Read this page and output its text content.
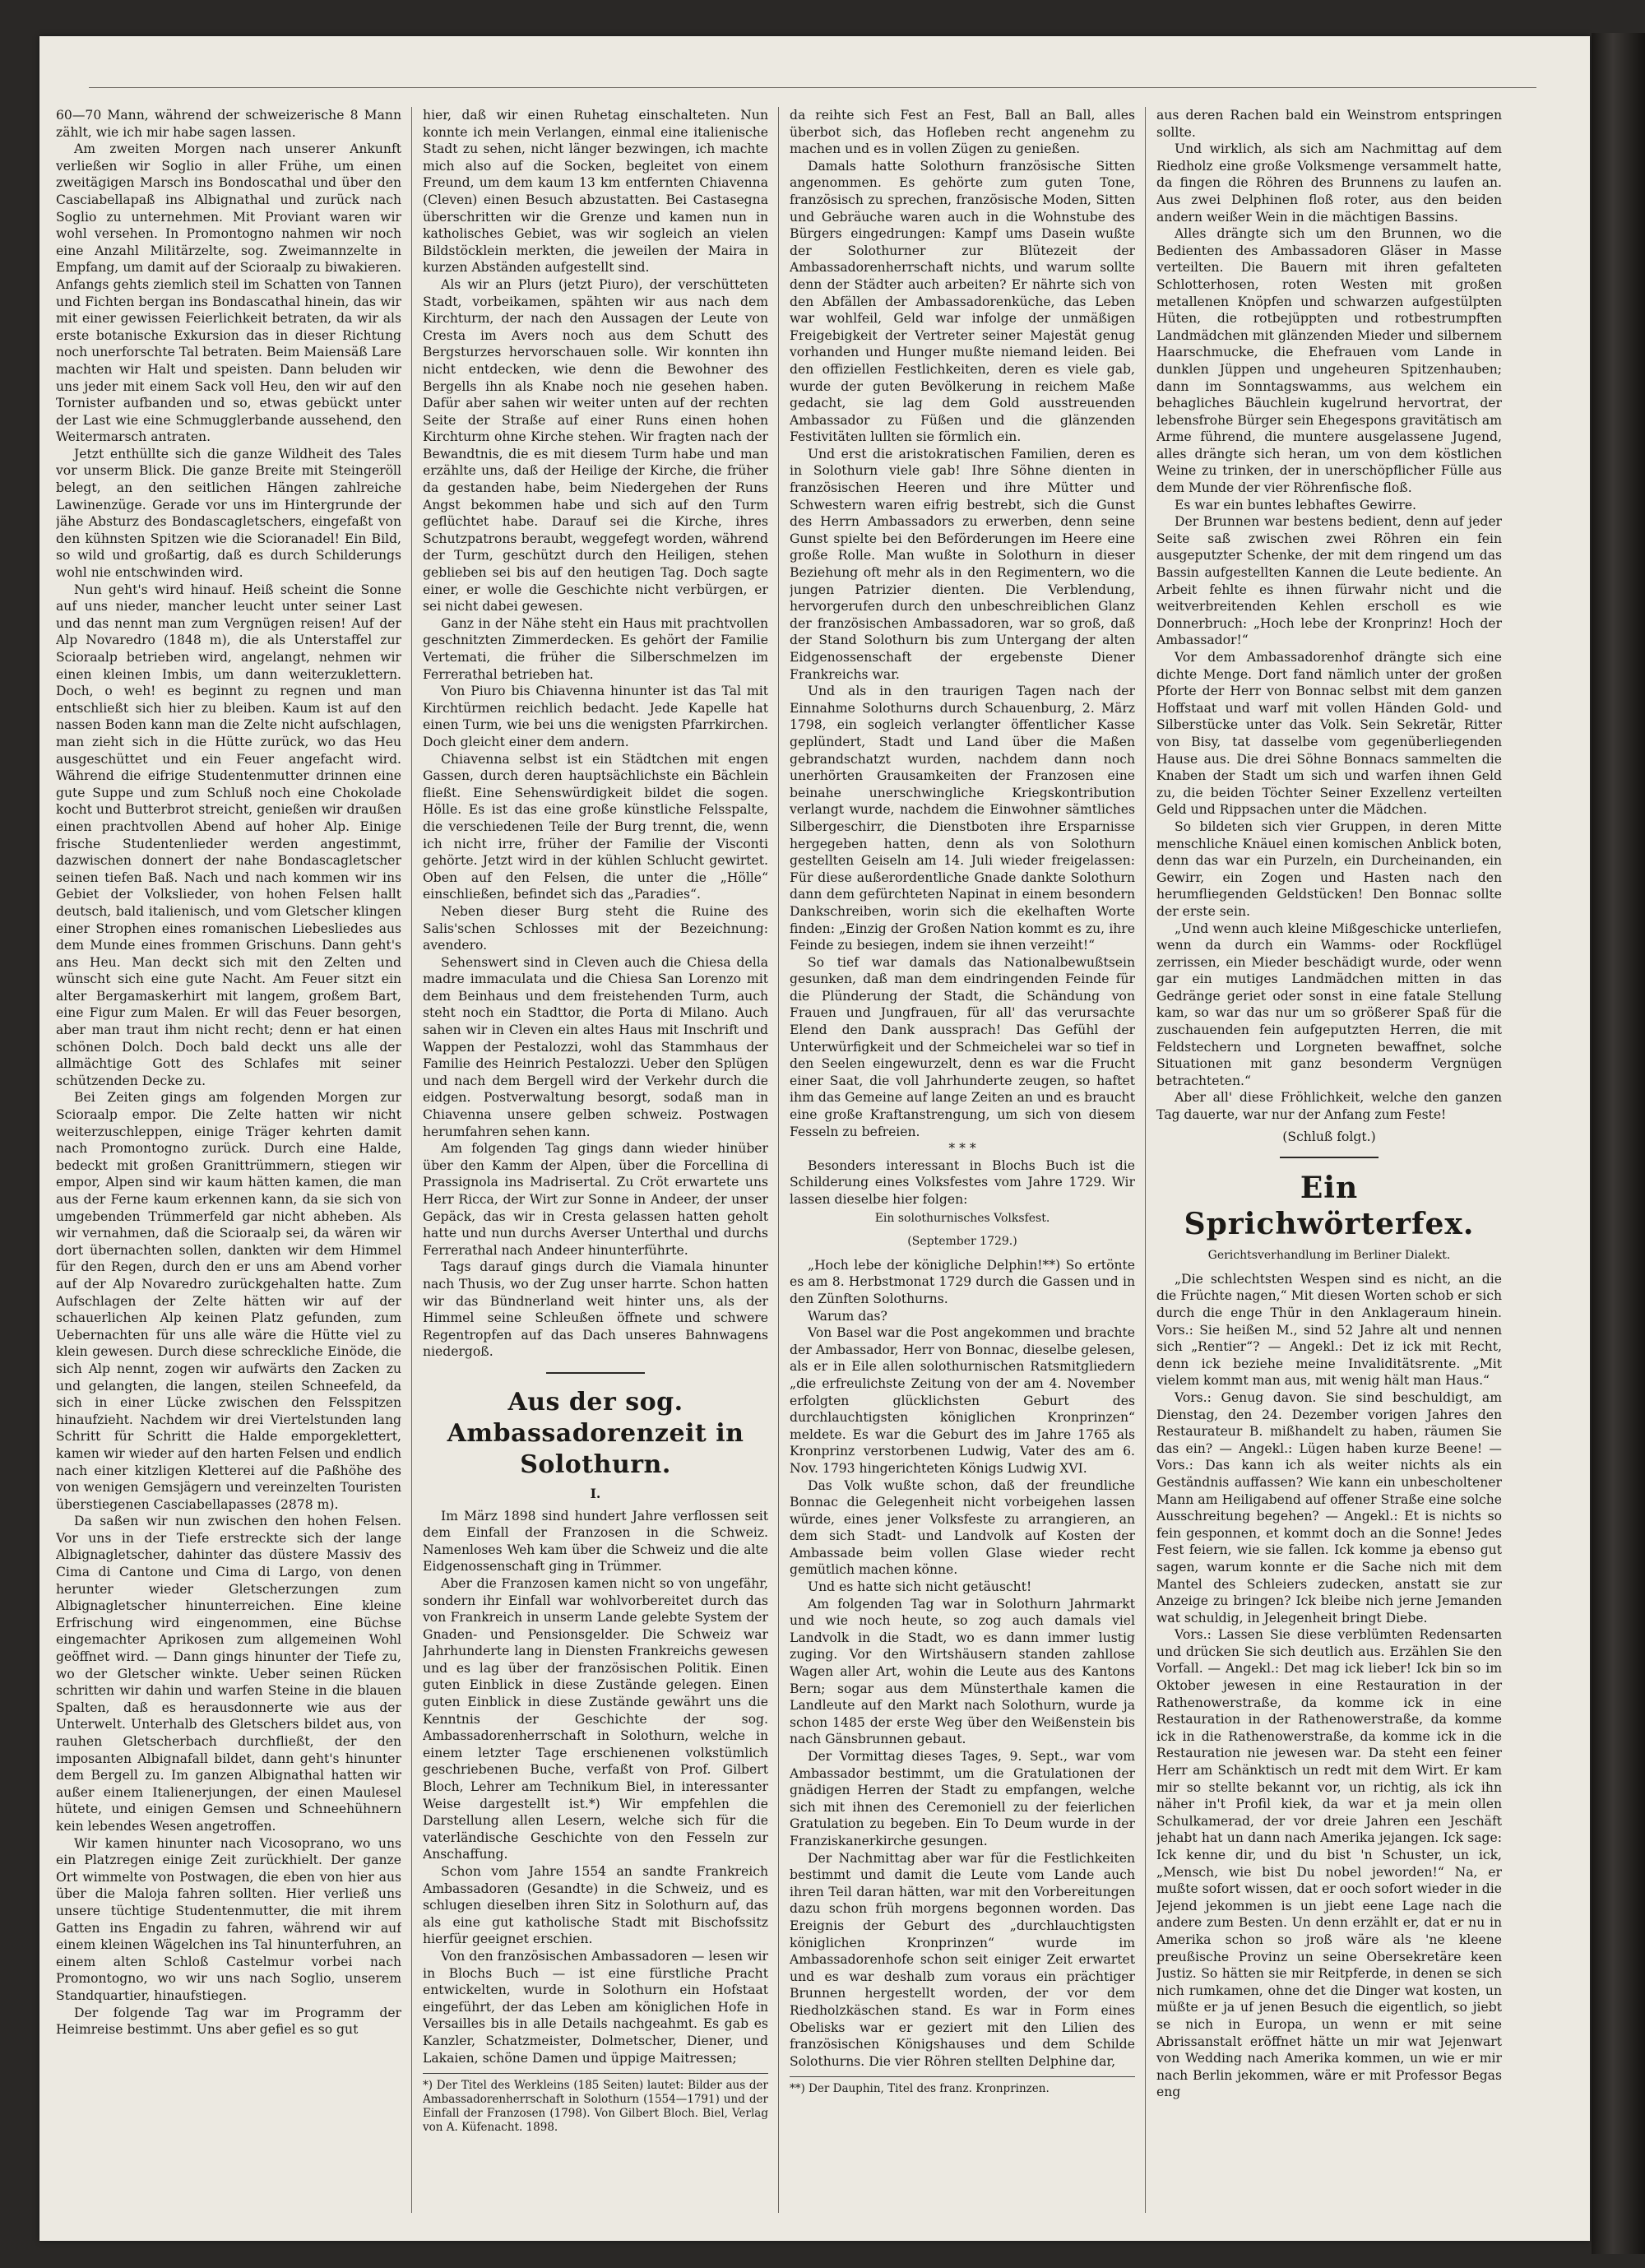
60—70 Mann, während der schweizerische 8 Mann zählt, wie ich mir habe sagen lassen.

Am zweiten Morgen nach unserer Ankunft verließen wir Soglio in aller Frühe, um einen zweitägigen Marsch ins Bondoscathal und über den Casciabellapaß ins Albignathal und zurück nach Soglio zu unternehmen. Mit Proviant waren wir wohl versehen. In Promontogno nahmen wir noch eine Anzahl Militärzelte, sog. Zweimannzelte in Empfang, um damit auf der Scioraalp zu biwakieren. Anfangs gehts ziemlich steil im Schatten von Tannen und Fichten bergan ins Bondascathal hinein, das wir mit einer gewissen Feierlichkeit betraten, da wir als erste botanische Exkursion das in dieser Richtung noch unerforschte Tal betraten. Beim Maiensäß Lare machten wir Halt und speisten. Dann beluden wir uns jeder mit einem Sack voll Heu, den wir auf den Tornister aufbanden und so, etwas gebückt unter der Last wie eine Schmugglerbande aussehend, den Weitermarsch antraten.

Jetzt enthüllte sich die ganze Wildheit des Tales vor unserm Blick. Die ganze Breite mit Steingeröll belegt, an den seitlichen Hängen zahlreiche Lawinenzüge. Gerade vor uns im Hintergrunde der jähe Absturz des Bondascagletschers, eingefaßt von den kühnsten Spitzen wie die Scioranadel! Ein Bild, so wild und großartig, daß es durch Schilderungs wohl nie entschwinden wird.

Nun geht's wird hinauf. Heiß scheint die Sonne auf uns nieder, mancher leucht unter seiner Last und das nennt man zum Vergnügen reisen! Auf der Alp Novaredro (1848 m), die als Unterstaffel zur Scioraalp betrieben wird, angelangt, nehmen wir einen kleinen Imbis, um dann weiterzuklettern. Doch, o weh! es beginnt zu regnen und man entschließt sich hier zu bleiben. Kaum ist auf den nassen Boden kann man die Zelte nicht aufschlagen, man zieht sich in die Hütte zurück, wo das Heu ausgeschüttet und ein Feuer angefacht wird. Während die eifrige Studentenmutter drinnen eine gute Suppe und zum Schluß noch eine Chokolade kocht und Butterbrot streicht, genießen wir draußen einen prachtvollen Abend auf hoher Alp. Einige frische Studentenlieder werden angestimmt, dazwischen donnert der nahe Bondascagletscher seinen tiefen Baß. Nach und nach kommen wir ins Gebiet der Volkslieder, von hohen Felsen hallt deutsch, bald italienisch, und vom Gletscher klingen einer Strophen eines romanischen Liebesliedes aus dem Munde eines frommen Grischuns. Dann geht's ans Heu. Man deckt sich mit den Zelten und wünscht sich eine gute Nacht. Am Feuer sitzt ein alter Bergamaskerhirt mit langem, großem Bart, eine Figur zum Malen. Er will das Feuer besorgen, aber man traut ihm nicht recht; denn er hat einen schönen Dolch. Doch bald deckt uns alle der allmächtige Gott des Schlafes mit seiner schützenden Decke zu.

Bei Zeiten gings am folgenden Morgen zur Scioraalp empor. Die Zelte hatten wir nicht weiterzuschleppen, einige Träger kehrten damit nach Promontogno zurück. Durch eine Halde, bedeckt mit großen Granittrümmern, stiegen wir empor, Alpen sind wir kaum hätten kamen, die man aus der Ferne kaum erkennen kann, da sie sich von umgebenden Trümmerfeld gar nicht abheben. Als wir vernahmen, daß die Scioraalp sei, da wären wir dort übernachten sollen, dankten wir dem Himmel für den Regen, durch den er uns am Abend vorher auf der Alp Novaredro zurückgehalten hatte. Zum Aufschlagen der Zelte hätten wir auf der schauerlichen Alp keinen Platz gefunden, zum Uebernachten für uns alle wäre die Hütte viel zu klein gewesen. Durch diese schreckliche Einöde, die sich Alp nennt, zogen wir aufwärts den Zacken zu und gelangten, die langen, steilen Schneefeld, da sich in einer Lücke zwischen den Felsspitzen hinaufzieht. Nachdem wir drei Viertelstunden lang Schritt für Schritt die Halde emporgeklettert, kamen wir wieder auf den harten Felsen und endlich nach einer kitzligen Kletterei auf die Paßhöhe des von wenigen Gemsjägern und vereinzelten Touristen überstiegenen Casciabellapasses (2878 m).

Da saßen wir nun zwischen den hohen Felsen. Vor uns in der Tiefe erstreckte sich der lange Albignagletscher, dahinter das düstere Massiv des Cima di Cantone und Cima di Largo, von denen herunter wieder Gletscherzungen zum Albignagletscher hinunterreichen. Eine kleine Erfrischung wird eingenommen, eine Büchse eingemachter Aprikosen zum allgemeinen Wohl geöffnet wird. — Dann gings hinunter der Tiefe zu, wo der Gletscher winkte. Ueber seinen Rücken schritten wir dahin und warfen Steine in die blauen Spalten, daß es herausdonnerte wie aus der Unterwelt. Unterhalb des Gletschers bildet aus, von rauhen Gletscherbach durchfließt, der den imposanten Albignafall bildet, dann geht's hinunter dem Bergell zu. Im ganzen Albignathal hatten wir außer einem Italienerjungen, der einen Maulesel hütete, und einigen Gemsen und Schneehühnern kein lebendes Wesen angetroffen.

Wir kamen hinunter nach Vicosoprano, wo uns ein Platzregen einige Zeit zurückhielt. Der ganze Ort wimmelte von Postwagen, die eben von hier aus über die Maloja fahren sollten. Hier verließ uns unsere tüchtige Studentenmutter, die mit ihrem Gatten ins Engadin zu fahren, während wir auf einem kleinen Wägelchen ins Tal hinunterfuhren, an einem alten Schloß Castelmur vorbei nach Promontogno, wo wir uns nach Soglio, unserem Standquartier, hinaufstiegen.

Der folgende Tag war im Programm der Heimreise bestimmt. Uns aber gefiel es so gut

hier, daß wir einen Ruhetag einschalteten. Nun konnte ich mein Verlangen, einmal eine italienische Stadt zu sehen, nicht länger bezwingen, ich machte mich also auf die Socken, begleitet von einem Freund, um dem kaum 13 km entfernten Chiavenna (Cleven) einen Besuch abzustatten. Bei Castasegna überschritten wir die Grenze und kamen nun in katholisches Gebiet, was wir sogleich an vielen Bildstöcklein merkten, die jeweilen der Maira in kurzen Abständen aufgestellt sind.

Als wir an Plurs (jetzt Piuro), der verschütteten Stadt, vorbeikamen, spähten wir aus nach dem Kirchturm, der nach den Aussagen der Leute von Cresta im Avers noch aus dem Schutt des Bergsturzes hervorschauen solle. Wir konnten ihn nicht entdecken, wie denn die Bewohner des Bergells ihn als Knabe noch nie gesehen haben. Dafür aber sahen wir weiter unten auf der rechten Seite der Straße auf einer Runs einen hohen Kirchturm ohne Kirche stehen. Wir fragten nach der Bewandtnis, die es mit diesem Turm habe und man erzählte uns, daß der Heilige der Kirche, die früher da gestanden habe, beim Niedergehen der Runs Angst bekommen habe und sich auf den Turm geflüchtet habe. Darauf sei die Kirche, ihres Schutzpatrons beraubt, weggefegt worden, während der Turm, geschützt durch den Heiligen, stehen geblieben sei bis auf den heutigen Tag. Doch sagte einer, er wolle die Geschichte nicht verbürgen, er sei nicht dabei gewesen.

Ganz in der Nähe steht ein Haus mit prachtvollen geschnitzten Zimmerdecken. Es gehört der Familie Vertemati, die früher die Silberschmelzen im Ferrerathal betrieben hat.

Von Piuro bis Chiavenna hinunter ist das Tal mit Kirchtürmen reichlich bedacht. Jede Kapelle hat einen Turm, wie bei uns die wenigsten Pfarrkirchen. Doch gleicht einer dem andern.

Chiavenna selbst ist ein Städtchen mit engen Gassen, durch deren hauptsächlichste ein Bächlein fließt. Eine Sehenswürdigkeit bildet die sogen. Hölle. Es ist das eine große künstliche Felsspalte, die verschiedenen Teile der Burg trennt, die, wenn ich nicht irre, früher der Familie der Visconti gehörte. Jetzt wird in der kühlen Schlucht gewirtet. Oben auf den Felsen, die unter die „Hölle“ einschließen, befindet sich das „Paradies“.

Neben dieser Burg steht die Ruine des Salis'schen Schlosses mit der Bezeichnung: avendero.

Sehenswert sind in Cleven auch die Chiesa della madre immaculata und die Chiesa San Lorenzo mit dem Beinhaus und dem freistehenden Turm, auch steht noch ein Stadttor, die Porta di Milano. Auch sahen wir in Cleven ein altes Haus mit Inschrift und Wappen der Pestalozzi, wohl das Stammhaus der Familie des Heinrich Pestalozzi. Ueber den Splügen und nach dem Bergell wird der Verkehr durch die eidgen. Postverwaltung besorgt, sodaß man in Chiavenna unsere gelben schweiz. Postwagen herumfahren sehen kann.

Am folgenden Tag gings dann wieder hinüber über den Kamm der Alpen, über die Forcellina di Prassignola ins Madrisertal. Zu Cröt erwartete uns Herr Ricca, der Wirt zur Sonne in Andeer, der unser Gepäck, das wir in Cresta gelassen hatten geholt hatte und nun durchs Averser Unterthal und durchs Ferrerathal nach Andeer hinunterführte.

Tags darauf gings durch die Viamala hinunter nach Thusis, wo der Zug unser harrte. Schon hatten wir das Bündnerland weit hinter uns, als der Himmel seine Schleußen öffnete und schwere Regentropfen auf das Dach unseres Bahnwagens niedergoß.

Aus der sog. Ambassadorenzeit in Solothurn.
I.

Im März 1898 sind hundert Jahre verflossen seit dem Einfall der Franzosen in die Schweiz. Namenloses Weh kam über die Schweiz und die alte Eidgenossenschaft ging in Trümmer.

Aber die Franzosen kamen nicht so von ungefähr, sondern ihr Einfall war wohlvorbereitet durch das von Frankreich in unserm Lande gelebte System der Gnaden- und Pensionsgelder. Die Schweiz war Jahrhunderte lang in Diensten Frankreichs gewesen und es lag über der französischen Politik. Einen guten Einblick in diese Zustände gelegen. Einen guten Einblick in diese Zustände gewährt uns die Kenntnis der Geschichte der sog. Ambassadorenherrschaft in Solothurn, welche in einem letzter Tage erschienenen volkstümlich geschriebenen Buche, verfaßt von Prof. Gilbert Bloch, Lehrer am Technikum Biel, in interessanter Weise dargestellt ist.*) Wir empfehlen die Darstellung allen Lesern, welche sich für die vaterländische Geschichte von den Fesseln zur Anschaffung.

Schon vom Jahre 1554 an sandte Frankreich Ambassadoren (Gesandte) in die Schweiz, und es schlugen dieselben ihren Sitz in Solothurn auf, das als eine gut katholische Stadt mit Bischofssitz hierfür geeignet erschien.

Von den französischen Ambassadoren — lesen wir in Blochs Buch — ist eine fürstliche Pracht entwickelten, wurde in Solothurn ein Hofstaat eingeführt, der das Leben am königlichen Hofe in Versailles bis in alle Details nachgeahmt. Es gab es Kanzler, Schatzmeister, Dolmetscher, Diener, und Lakaien, schöne Damen und üppige Maitressen;

*) Der Titel des Werkleins (185 Seiten) lautet: Bilder aus der Ambassadorenherrschaft in Solothurn (1554—1791) und der Einfall der Franzosen (1798). Von Gilbert Bloch. Biel, Verlag von A. Küfenacht. 1898.

da reihte sich Fest an Fest, Ball an Ball, alles überbot sich, das Hofleben recht angenehm zu machen und es in vollen Zügen zu genießen.

Damals hatte Solothurn französische Sitten angenommen. Es gehörte zum guten Tone, französisch zu sprechen, französische Moden, Sitten und Gebräuche waren auch in die Wohnstube des Bürgers eingedrungen: Kampf ums Dasein wußte der Solothurner zur Blütezeit der Ambassadorenherrschaft nichts, und warum sollte denn der Städter auch arbeiten? Er nährte sich von den Abfällen der Ambassadorenküche, das Leben war wohlfeil, Geld war infolge der unmäßigen Freigebigkeit der Vertreter seiner Majestät genug vorhanden und Hunger mußte niemand leiden. Bei den offiziellen Festlichkeiten, deren es viele gab, wurde der guten Bevölkerung in reichem Maße gedacht, sie lag dem Gold ausstreuenden Ambassador zu Füßen und die glänzenden Festivitäten lullten sie förmlich ein.

Und erst die aristokratischen Familien, deren es in Solothurn viele gab! Ihre Söhne dienten in französischen Heeren und ihre Mütter und Schwestern waren eifrig bestrebt, sich die Gunst des Herrn Ambassadors zu erwerben, denn seine Gunst spielte bei den Beförderungen im Heere eine große Rolle. Man wußte in Solothurn in dieser Beziehung oft mehr als in den Regimentern, wo die jungen Patrizier dienten. Die Verblendung, hervorgerufen durch den unbeschreiblichen Glanz der französischen Ambassadoren, war so groß, daß der Stand Solothurn bis zum Untergang der alten Eidgenossenschaft der ergebenste Diener Frankreichs war.

Und als in den traurigen Tagen nach der Einnahme Solothurns durch Schauenburg, 2. März 1798, ein sogleich verlangter öffentlicher Kasse geplündert, Stadt und Land über die Maßen gebrandschatzt wurden, nachdem dann noch unerhörten Grausamkeiten der Franzosen eine beinahe unerschwingliche Kriegskontribution verlangt wurde, nachdem die Einwohner sämtliches Silbergeschirr, die Dienstboten ihre Ersparnisse hergegeben hatten, denn als von Solothurn gestellten Geiseln am 14. Juli wieder freigelassen: Für diese außerordentliche Gnade dankte Solothurn dann dem gefürchteten Napinat in einem besondern Dankschreiben, worin sich die ekelhaften Worte finden: „Einzig der Großen Nation kommt es zu, ihre Feinde zu besiegen, indem sie ihnen verzeiht!“

So tief war damals das Nationalbewußtsein gesunken, daß man dem eindringenden Feinde für die Plünderung der Stadt, die Schändung von Frauen und Jungfrauen, für all' das verursachte Elend den Dank aussprach! Das Gefühl der Unterwürfigkeit und der Schmeichelei war so tief in den Seelen eingewurzelt, denn es war die Frucht einer Saat, die voll Jahrhunderte zeugen, so haftet ihm das Gemeine auf lange Zeiten an und es braucht eine große Kraftanstrengung, um sich von diesem Fesseln zu befreien.

* * *

Besonders interessant in Blochs Buch ist die Schilderung eines Volksfestes vom Jahre 1729. Wir lassen dieselbe hier folgen:

Ein solothurnisches Volksfest.
(September 1729.)

„Hoch lebe der königliche Delphin!**) So ertönte es am 8. Herbstmonat 1729 durch die Gassen und in den Zünften Solothurns.

Warum das?

Von Basel war die Post angekommen und brachte der Ambassador, Herr von Bonnac, dieselbe gelesen, als er in Eile allen solothurnischen Ratsmitgliedern „die erfreulichste Zeitung von der am 4. November erfolgten glücklichsten Geburt des durchlauchtigsten königlichen Kronprinzen“ meldete. Es war die Geburt des im Jahre 1765 als Kronprinz verstorbenen Ludwig, Vater des am 6. Nov. 1793 hingerichteten Königs Ludwig XVI.

Das Volk wußte schon, daß der freundliche Bonnac die Gelegenheit nicht vorbeigehen lassen würde, eines jener Volksfeste zu arrangieren, an dem sich Stadt- und Landvolk auf Kosten der Ambassade beim vollen Glase wieder recht gemütlich machen könne.

Und es hatte sich nicht getäuscht!

Am folgenden Tag war in Solothurn Jahrmarkt und wie noch heute, so zog auch damals viel Landvolk in die Stadt, wo es dann immer lustig zuging. Vor den Wirtshäusern standen zahllose Wagen aller Art, wohin die Leute aus des Kantons Bern; sogar aus dem Münsterthale kamen die Landleute auf den Markt nach Solothurn, wurde ja schon 1485 der erste Weg über den Weißenstein bis nach Gänsbrunnen gebaut.

Der Vormittag dieses Tages, 9. Sept., war vom Ambassador bestimmt, um die Gratulationen der gnädigen Herren der Stadt zu empfangen, welche sich mit ihnen des Ceremoniell zu der feierlichen Gratulation zu begeben. Ein To Deum wurde in der Franziskanerkirche gesungen.

Der Nachmittag aber war für die Festlichkeiten bestimmt und damit die Leute vom Lande auch ihren Teil daran hätten, war mit den Vorbereitungen dazu schon früh morgens begonnen worden. Das Ereignis der Geburt des „durchlauchtigsten königlichen Kronprinzen“ wurde im Ambassadorenhofe schon seit einiger Zeit erwartet und es war deshalb zum voraus ein prächtiger Brunnen hergestellt worden, der vor dem Riedholzkäschen stand. Es war in Form eines Obelisks war er geziert mit den Lilien des französischen Königshauses und dem Schilde Solothurns. Die vier Röhren stellten Delphine dar,

**) Der Dauphin, Titel des franz. Kronprinzen.

aus deren Rachen bald ein Weinstrom entspringen sollte.

Und wirklich, als sich am Nachmittag auf dem Riedholz eine große Volksmenge versammelt hatte, da fingen die Röhren des Brunnens zu laufen an. Aus zwei Delphinen floß roter, aus den beiden andern weißer Wein in die mächtigen Bassins.

Alles drängte sich um den Brunnen, wo die Bedienten des Ambassadoren Gläser in Masse verteilten. Die Bauern mit ihren gefalteten Schlotterhosen, roten Westen mit großen metallenen Knöpfen und schwarzen aufgestülpten Hüten, die rotbejüppten und rotbestrumpften Landmädchen mit glänzenden Mieder und silbernem Haarschmucke, die Ehefrauen vom Lande in dunklen Jüppen und ungeheuren Spitzenhauben; dann im Sonntagswamms, aus welchem ein behagliches Bäuchlein kugelrund hervortrat, der lebensfrohe Bürger sein Ehegespons gravitätisch am Arme führend, die muntere ausgelassene Jugend, alles drängte sich heran, um von dem köstlichen Weine zu trinken, der in unerschöpflicher Fülle aus dem Munde der vier Röhrenfische floß.

Es war ein buntes lebhaftes Gewirre.

Der Brunnen war bestens bedient, denn auf jeder Seite saß zwischen zwei Röhren ein fein ausgeputzter Schenke, der mit dem ringend um das Bassin aufgestellten Kannen die Leute bediente. An Arbeit fehlte es ihnen fürwahr nicht und die weitverbreitenden Kehlen erscholl es wie Donnerbruch: „Hoch lebe der Kronprinz! Hoch der Ambassador!“

Vor dem Ambassadorenhof drängte sich eine dichte Menge. Dort fand nämlich unter der großen Pforte der Herr von Bonnac selbst mit dem ganzen Hoffstaat und warf mit vollen Händen Gold- und Silberstücke unter das Volk. Sein Sekretär, Ritter von Bisy, tat dasselbe vom gegenüberliegenden Hause aus. Die drei Söhne Bonnacs sammelten die Knaben der Stadt um sich und warfen ihnen Geld zu, die beiden Töchter Seiner Exzellenz verteilten Geld und Rippsachen unter die Mädchen.

So bildeten sich vier Gruppen, in deren Mitte menschliche Knäuel einen komischen Anblick boten, denn das war ein Purzeln, ein Durcheinanden, ein Gewirr, ein Zogen und Hasten nach den herumfliegenden Geldstücken! Den Bonnac sollte der erste sein.

„Und wenn auch kleine Mißgeschicke unterliefen, wenn da durch ein Wamms- oder Rockflügel zerrissen, ein Mieder beschädigt wurde, oder wenn gar ein mutiges Landmädchen mitten in das Gedränge geriet oder sonst in eine fatale Stellung kam, so war das nur um so größerer Spaß für die zuschauenden fein aufgeputzten Herren, die mit Feldstechern und Lorgneten bewaffnet, solche Situationen mit ganz besonderm Vergnügen betrachteten.“

Aber all' diese Fröhlichkeit, welche den ganzen Tag dauerte, war nur der Anfang zum Feste!

(Schluß folgt.)
Ein Sprichwörterfex.
Gerichtsverhandlung im Berliner Dialekt.

„Die schlechtsten Wespen sind es nicht, an die die Früchte nagen,“ Mit diesen Worten schob er sich durch die enge Thür in den Anklageraum hinein. Vors.: Sie heißen M., sind 52 Jahre alt und nennen sich „Rentier“? — Angekl.: Det iz ick mit Recht, denn ick beziehe meine Invaliditätsrente. „Mit vielem kommt man aus, mit wenig hält man Haus.“

Vors.: Genug davon. Sie sind beschuldigt, am Dienstag, den 24. Dezember vorigen Jahres den Restaurateur B. mißhandelt zu haben, räumen Sie das ein? — Angekl.: Lügen haben kurze Beene! — Vors.: Das kann ich als weiter nichts als ein Geständnis auffassen? Wie kann ein unbescholtener Mann am Heiligabend auf offener Straße eine solche Ausschreitung begehen? — Angekl.: Et is nichts so fein gesponnen, et kommt doch an die Sonne! Jedes Fest feiern, wie sie fallen. Ick komme ja ebenso gut sagen, warum konnte er die Sache nich mit dem Mantel des Schleiers zudecken, anstatt sie zur Anzeige zu bringen? Ick bleibe nich jerne Jemanden wat schuldig, in Jelegenheit bringt Diebe.

Vors.: Lassen Sie diese verblümten Redensarten und drücken Sie sich deutlich aus. Erzählen Sie den Vorfall. — Angekl.: Det mag ick lieber! Ick bin so im Oktober jewesen in eine Restauration in der Rathenowerstraße, da komme ick in eine Restauration in der Rathenowerstraße, da komme ick in die Rathenowerstraße, da komme ick in die Restauration nie jewesen war. Da steht een feiner Herr am Schänktisch un redt mit dem Wirt. Er kam mir so stellte bekannt vor, un richtig, als ick ihn näher in't Profil kiek, da war et ja mein ollen Schulkamerad, der vor dreie Jahren een Jeschäft jehabt hat un dann nach Amerika jejangen. Ick sage: Ick kenne dir, und du bist 'n Schuster, un ick, „Mensch, wie bist Du nobel jeworden!“ Na, er mußte sofort wissen, dat er ooch sofort wieder in die Jejend jekommen is un jiebt eene Lage nach die andere zum Besten. Un denn erzählt er, dat er nu in Amerika schon so jroß wäre als 'ne kleene preußische Provinz un seine Obersekretäre keen Justiz. So hätten sie mir Reitpferde, in denen se sich nich rumkamen, ohne det die Dinger wat kosten, un müßte er ja uf jenen Besuch die eigentlich, so jiebt se nich in Europa, un wenn er mit seine Abrissanstalt eröffnet hätte un mir wat Jejenwart von Wedding nach Amerika kommen, un wie er mir nach Berlin jekommen, wäre er mit Professor Begas eng
